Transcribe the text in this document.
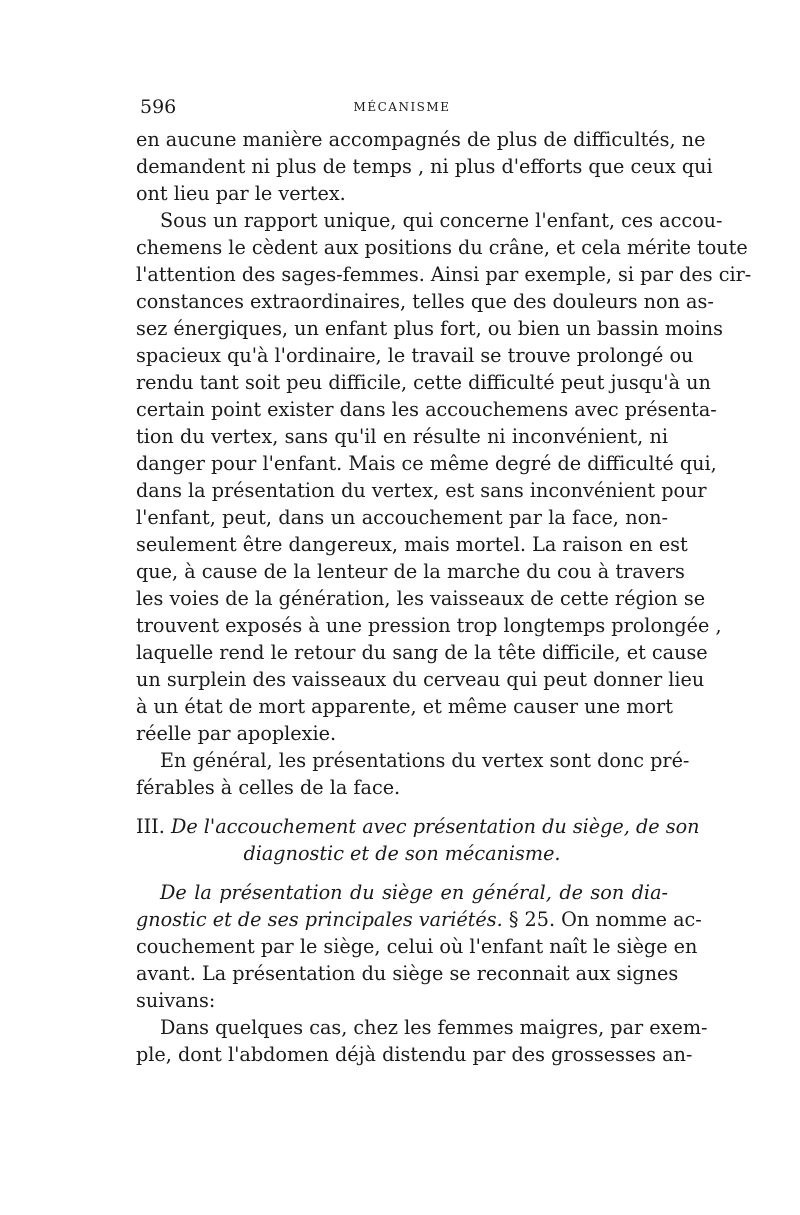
596	MÉCANISME
en aucune manière accompagnés de plus de difficultés, ne
demandent ni plus de temps , ni plus d'efforts que ceux qui
ont lieu par le vertex.
Sous un rapport unique, qui concerne l'enfant, ces accou-
chemens le cèdent aux positions du crâne, et cela mérite toute
l'attention des sages-femmes. Ainsi par exemple, si par des cir-
constances extraordinaires, telles que des douleurs non as-
sez énergiques, un enfant plus fort, ou bien un bassin moins
spacieux qu'à l'ordinaire, le travail se trouve prolongé ou
rendu tant soit peu difficile, cette difficulté peut jusqu'à un
certain point exister dans les accouchemens avec présenta-
tion du vertex, sans qu'il en résulte ni inconvénient, ni
danger pour l'enfant. Mais ce même degré de difficulté qui,
dans la présentation du vertex, est sans inconvénient pour
l'enfant, peut, dans un accouchement par la face, non-
seulement être dangereux, mais mortel. La raison en est
que, à cause de la lenteur de la marche du cou à travers
les voies de la génération, les vaisseaux de cette région se
trouvent exposés à une pression trop longtemps prolongée ,
laquelle rend le retour du sang de la tête difficile, et cause
un surplein des vaisseaux du cerveau qui peut donner lieu
à un état de mort apparente, et même causer une mort
réelle par apoplexie.
En général, les présentations du vertex sont donc pré-
férables à celles de la face.
III. De l'accouchement avec présentation du siège, de son
diagnostic et de son mécanisme.
De la présentation du siège en général, de son dia-
gnostic et de ses principales variétés. § 25. On nomme ac-
couchement par le siège, celui où l'enfant naît le siège en
avant. La présentation du siège se reconnait aux signes
suivans:
Dans quelques cas, chez les femmes maigres, par exem-
ple, dont l'abdomen déjà distendu par des grossesses an-
